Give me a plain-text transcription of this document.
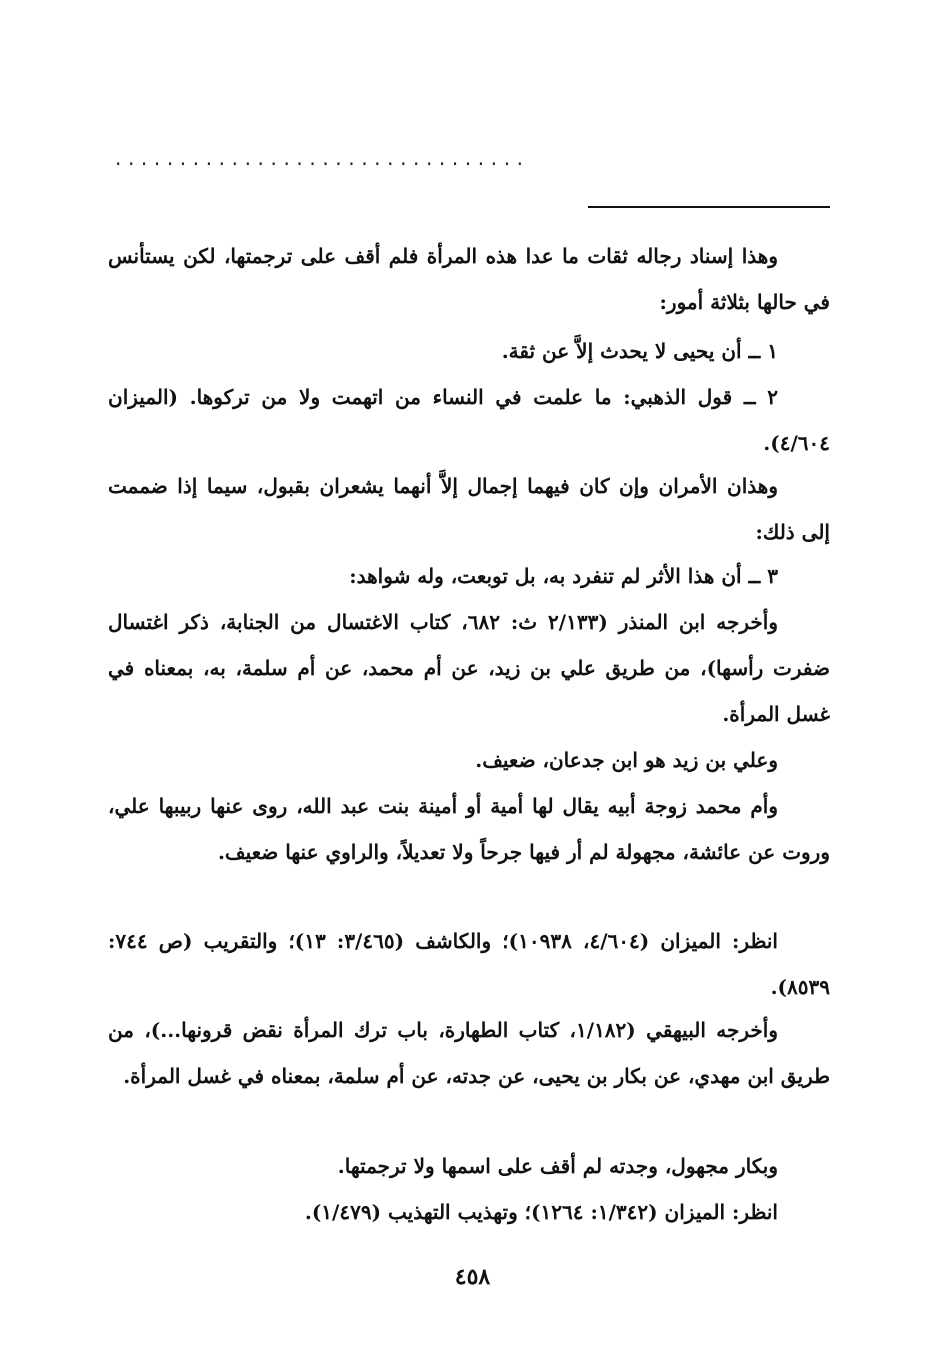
................................

وهذا إسناد رجاله ثقات ما عدا هذه المرأة فلم أقف على ترجمتها، لكن يستأنس في حالها بثلاثة أمور:

١ ــ أن يحيى لا يحدث إلاَّ عن ثقة.

٢ ــ قول الذهبي: ما علمت في النساء من اتهمت ولا من تركوها. (الميزان ٤/٦٠٤).

وهذان الأمران وإن كان فيهما إجمال إلاَّ أنهما يشعران بقبول، سيما إذا ضممت إلى ذلك:

٣ ــ أن هذا الأثر لم تنفرد به، بل توبعت، وله شواهد:

وأخرجه ابن المنذر (٢/١٣٣ ث: ٦٨٢، كتاب الاغتسال من الجنابة، ذكر اغتسال ضفرت رأسها)، من طريق علي بن زيد، عن أم محمد، عن أم سلمة، به، بمعناه في غسل المرأة.

وعلي بن زيد هو ابن جدعان، ضعيف.

وأم محمد زوجة أبيه يقال لها أمية أو أمينة بنت عبد الله، روى عنها ربيبها علي، وروت عن عائشة، مجهولة لم أر فيها جرحاً ولا تعديلاً، والراوي عنها ضعيف.

انظر: الميزان (٤/٦٠٤، ١٠٩٣٨)؛ والكاشف (٣/٤٦٥: ١٣)؛ والتقريب (ص ٧٤٤: ٨٥٣٩).

وأخرجه البيهقي (١/١٨٢، كتاب الطهارة، باب ترك المرأة نقض قرونها...)، من طريق ابن مهدي، عن بكار بن يحيى، عن جدته، عن أم سلمة، بمعناه في غسل المرأة.

وبكار مجهول، وجدته لم أقف على اسمها ولا ترجمتها.

انظر: الميزان (١/٣٤٢: ١٢٦٤)؛ وتهذيب التهذيب (١/٤٧٩).

٤٥٨
